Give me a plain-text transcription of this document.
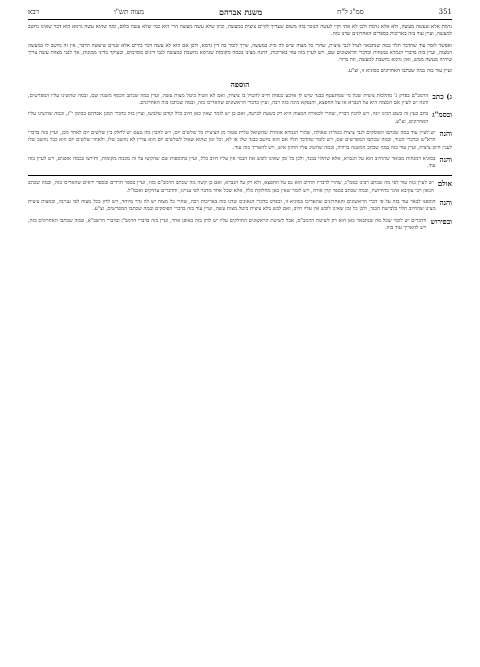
351
סמ"ג ל"ח
משנת אברהם
מצוה תש"ו
רבא

גרמת אלא שעשה מעשה, ולא אלא גרמה ולכן לא אתי וקיי לעשה הנזכר בזה משום שצריך לקיים ציצית במעשה, וכיון שלא עשה מעשה הרי הוא כמי שלא עשה כלום, ומה שהוא עשה גרמא הוא דבר שאינו נחשב למעשה, ועיין עוד בזה באריכות בספרים האחרונים שדנו בזה.

ואפשר לומר עוד שהדבר תלוי במה שנתבאר לעיל לגבי ציצית, שהרי כל מצוה שיש לה סייג במעשה, שייך לומר בה דין גרמא, ולכן אם הוא לא עשה דבר בידים אלא שגרם שיעשה הדבר, אין זה נחשב לו כמעשה המצוה, ועיין בזה בדברי הגמרא במנחות ובדברי הראשונים שם, ויש לעיין בזה עוד באריכות, דהנה מצינו בכמה מקומות שגרמא נחשבת כמעשה לגבי דינים מסוימים, ובעיקר בדיני ממונות, אך לגבי מצוות עשה צריך שיהיה מעשה ממש, ואין גרמא נחשבת למעשה, וזה ברור.

ועיין עוד בזה במה שכתבו האחרונים בסוגיא זו, וצ"ע.

הוספה
ג) כתב
הרמב"ם בפרק ג' מהלכות ציצית שכל מי שמתעטף בבגד שיש לו ארבע כנפות חייב להטיל בו ציצית, ואם לא הטיל ביטל מצות עשה, ועיין במה שכתב הכסף משנה שם, ובמה שהשיגו עליו המפרשים, והנה יש לעיין אם המצוה היא על הגברא או על החפצא, והנפקא מינה בזה רבה, ועיין בדברי הראשונים שהאריכו בזה, ובמה שכתבו בזה האחרונים.
ובסמ"ג
כתב כעין זה בשם רבינו יונה, ויש להבין דבריו, שהרי לכאורה המצוה היא רק בשעת לבישה, ואם כן יש לומר שאין כאן חיוב כלל קודם שלבשו, ועיין בזה בדברי המגן אברהם בסימן י"ג, ובמה שהשיגו עליו האחרונים, וצ"ע.
והנה
יש לעיין עוד במה שכתבו הפוסקים לגבי ציצית בטלית שאולה, שהרי הגמרא אומרת שהשואל טלית פטור מן הציצית כל שלשים יום, ויש להבין מה טעם יש לחלק בין שלשים יום לאחר מכן, ועיין בזה בדברי הרא"ש ובדברי הטור, ובמה שכתבו המפרשים שם, ויש לומר שהדבר תלוי אם הוא נחשב כבגד שלו או לא, וכל זמן שהוא שאול לשלשים יום הוא עדיין לא נחשב שלו, ולאחר שלשים יום הוא כבר נחשב שלו לענין חיוב ציצית, ועיין עוד בזה במה שכתב המשנה ברורה, ובמה שהשיג עליו החזון איש, ויש להאריך בזה עוד.
והנה
בסוגיא דמנחות מבואר שהחיוב הוא על הגברא, אלא שתלוי בבגד, ולכן כל זמן שאינו לובש את הבגד אין עליו חיוב כלל, ועיין בתוספות שם שהקשו על זה מכמה מקומות, ותירצו בכמה אופנים, ויש לעיין בזה עוד.
אולם
יש לעיין בזה עוד לפי מה שכתב רבינו בסמ"ג, שהרי לדבריו החיוב הוא גם על החפצא, ולא רק על הגברא, ואם כן קשה מה שכתב הרמב"ם בזה, ועיין בספר חרדים ובספר יראים שהאריכו בזה, ובמה שכתב הגאון רבי עקיבא איגר בחידושיו, ובמה שכתב בספר קרן אורה, ויש לומר שאין כאן מחלוקת כלל, אלא שכל אחד מדבר לפי עניינו, והדברים עתיקים ואכמ"ל.
והנה
הוספנו לבאר עוד בזה על פי דברי הראשונים והאחרונים שהאריכו בסוגיא זו, ובפרט בדברי הגאונים שדנו בזה באריכות רבה, שהרי כל מצוה יש לה גדר מיוחד, ויש לדון בכל מצוה לפי עניינה, ובמצות ציצית מצינו שהחיוב תלוי בלבישת הבגד, ולכן כל זמן שאינו לובש אין עליו חיוב, ואם לבש בלא ציצית ביטל מצות עשה, ועיין עוד בזה בדברי הפוסקים ובמה שכתבו המפרשים, וצ"ע.
ובפירוש
הדברים יש לומר שכל מה שנתבאר כאן הוא רק לשיטת הרמב"ם, אבל לשיטת הראשונים החולקים עליו יש לדון בזה באופן אחר, ועיין בזה בדברי הרמב"ן ובדברי הרשב"א, ובמה שכתבו האחרונים בזה, ויש להאריך עוד בזה.
